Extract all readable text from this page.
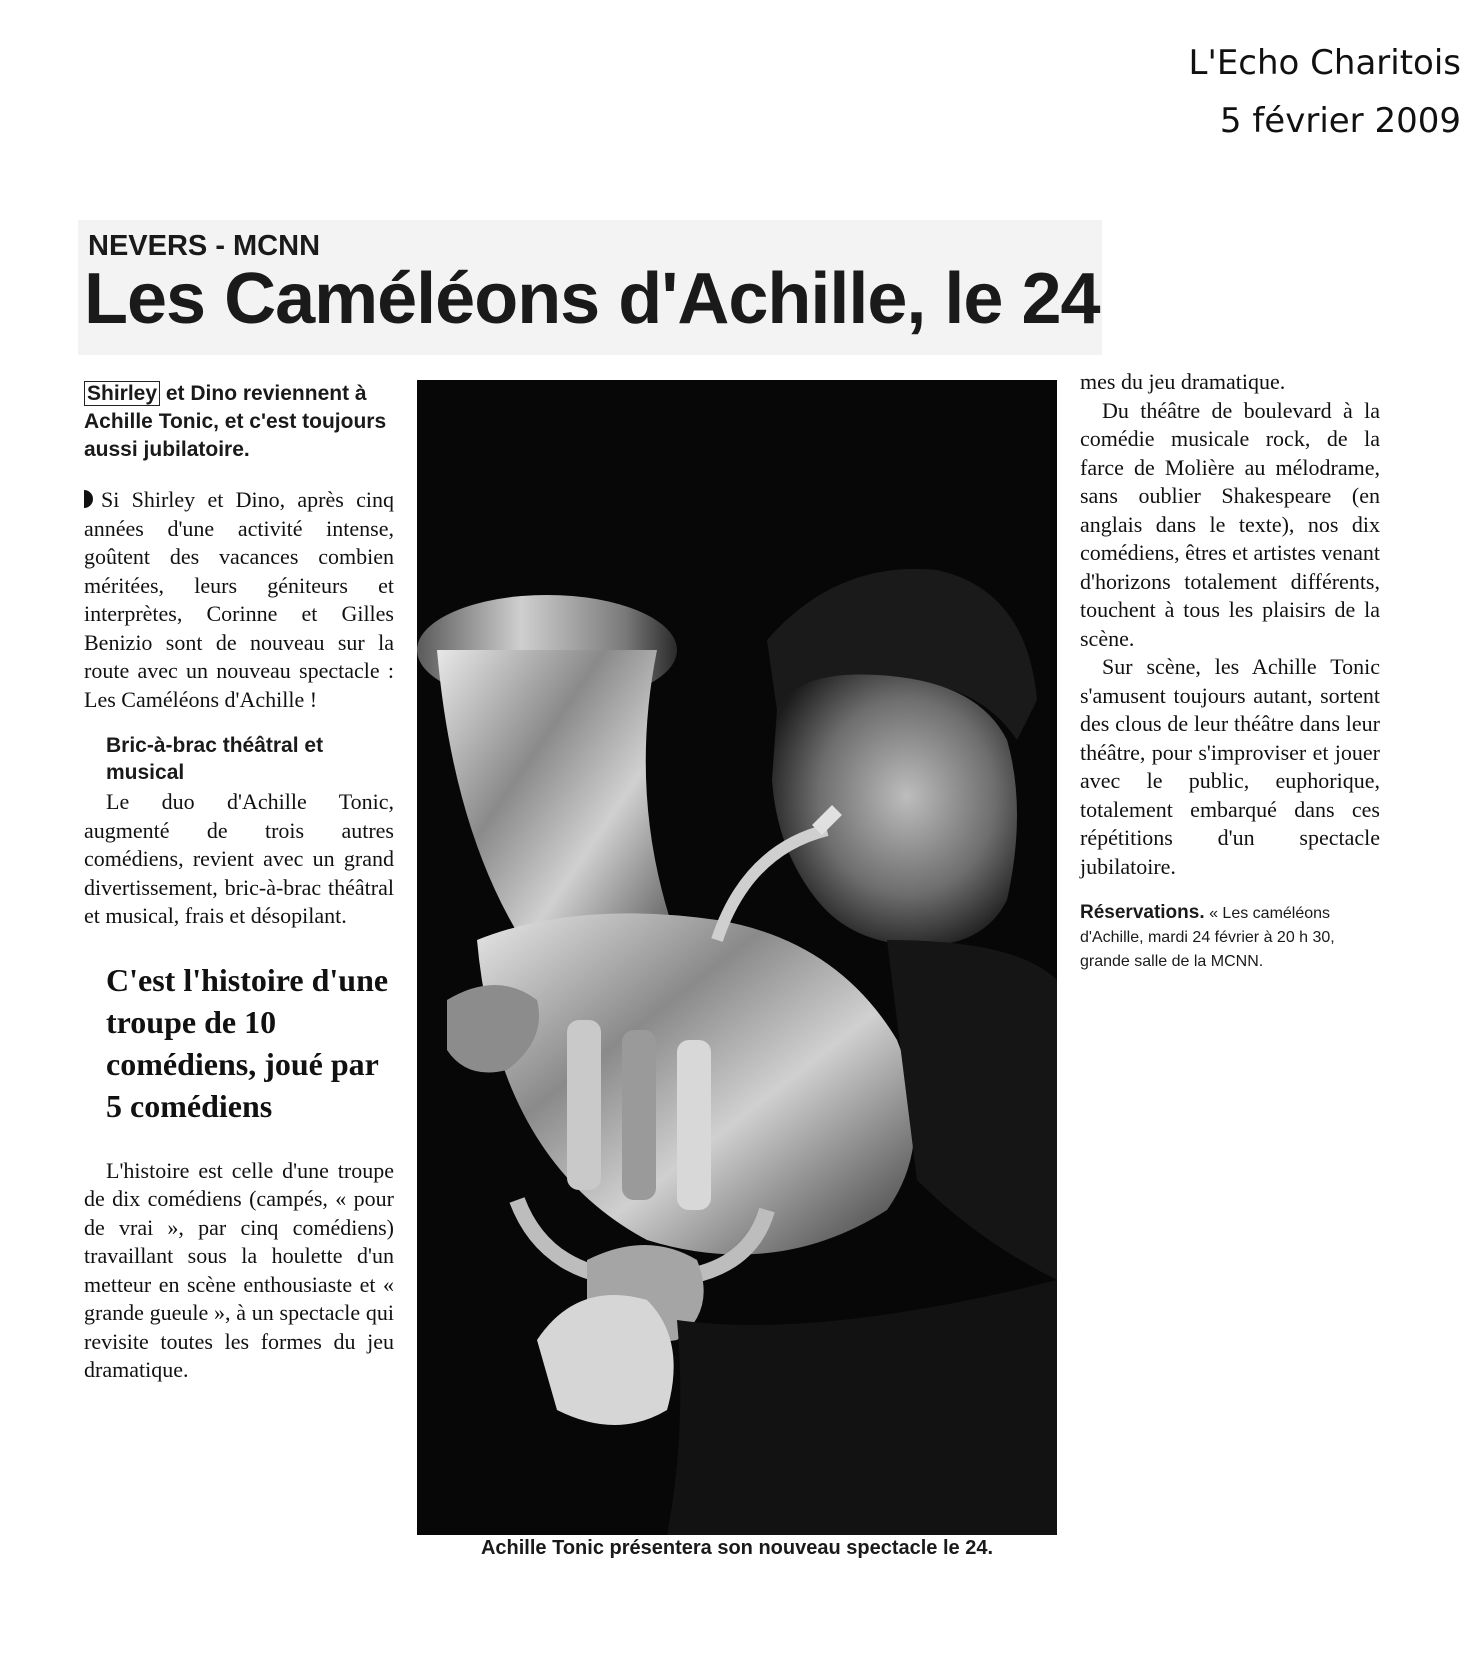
L'Echo Charitois
5 février 2009
NEVERS - MCNN
Les Caméléons d'Achille, le 24

Shirley et Dino reviennent à Achille Tonic, et c'est toujours aussi jubilatoire.

Si Shirley et Dino, après cinq années d'une activité intense, goûtent des vacances combien méritées, leurs géniteurs et interprètes, Corinne et Gilles Benizio sont de nouveau sur la route avec un nouveau spectacle : Les Caméléons d'Achille !

Bric-à-brac théâtral et musical

Le duo d'Achille Tonic, augmenté de trois autres comédiens, revient avec un grand divertissement, bric-à-brac théâtral et musical, frais et désopilant.

C'est l'histoire d'une troupe de 10 comédiens, joué par 5 comédiens

L'histoire est celle d'une troupe de dix comédiens (campés, « pour de vrai », par cinq comédiens) travaillant sous la houlette d'un metteur en scène enthousiaste et « grande gueule », à un spectacle qui revisite toutes les formes du jeu dramatique.

Achille Tonic présentera son nouveau spectacle le 24.

mes du jeu dramatique.

Du théâtre de boulevard à la comédie musicale rock, de la farce de Molière au mélodrame, sans oublier Shakespeare (en anglais dans le texte), nos dix comédiens, êtres et artistes venant d'horizons totalement différents, touchent à tous les plaisirs de la scène.

Sur scène, les Achille Tonic s'amusent toujours autant, sortent des clous de leur théâtre dans leur théâtre, pour s'improviser et jouer avec le public, euphorique, totalement embarqué dans ces répétitions d'un spectacle jubilatoire.

Réservations. « Les caméléons d'Achille, mardi 24 février à 20 h 30, grande salle de la MCNN.
